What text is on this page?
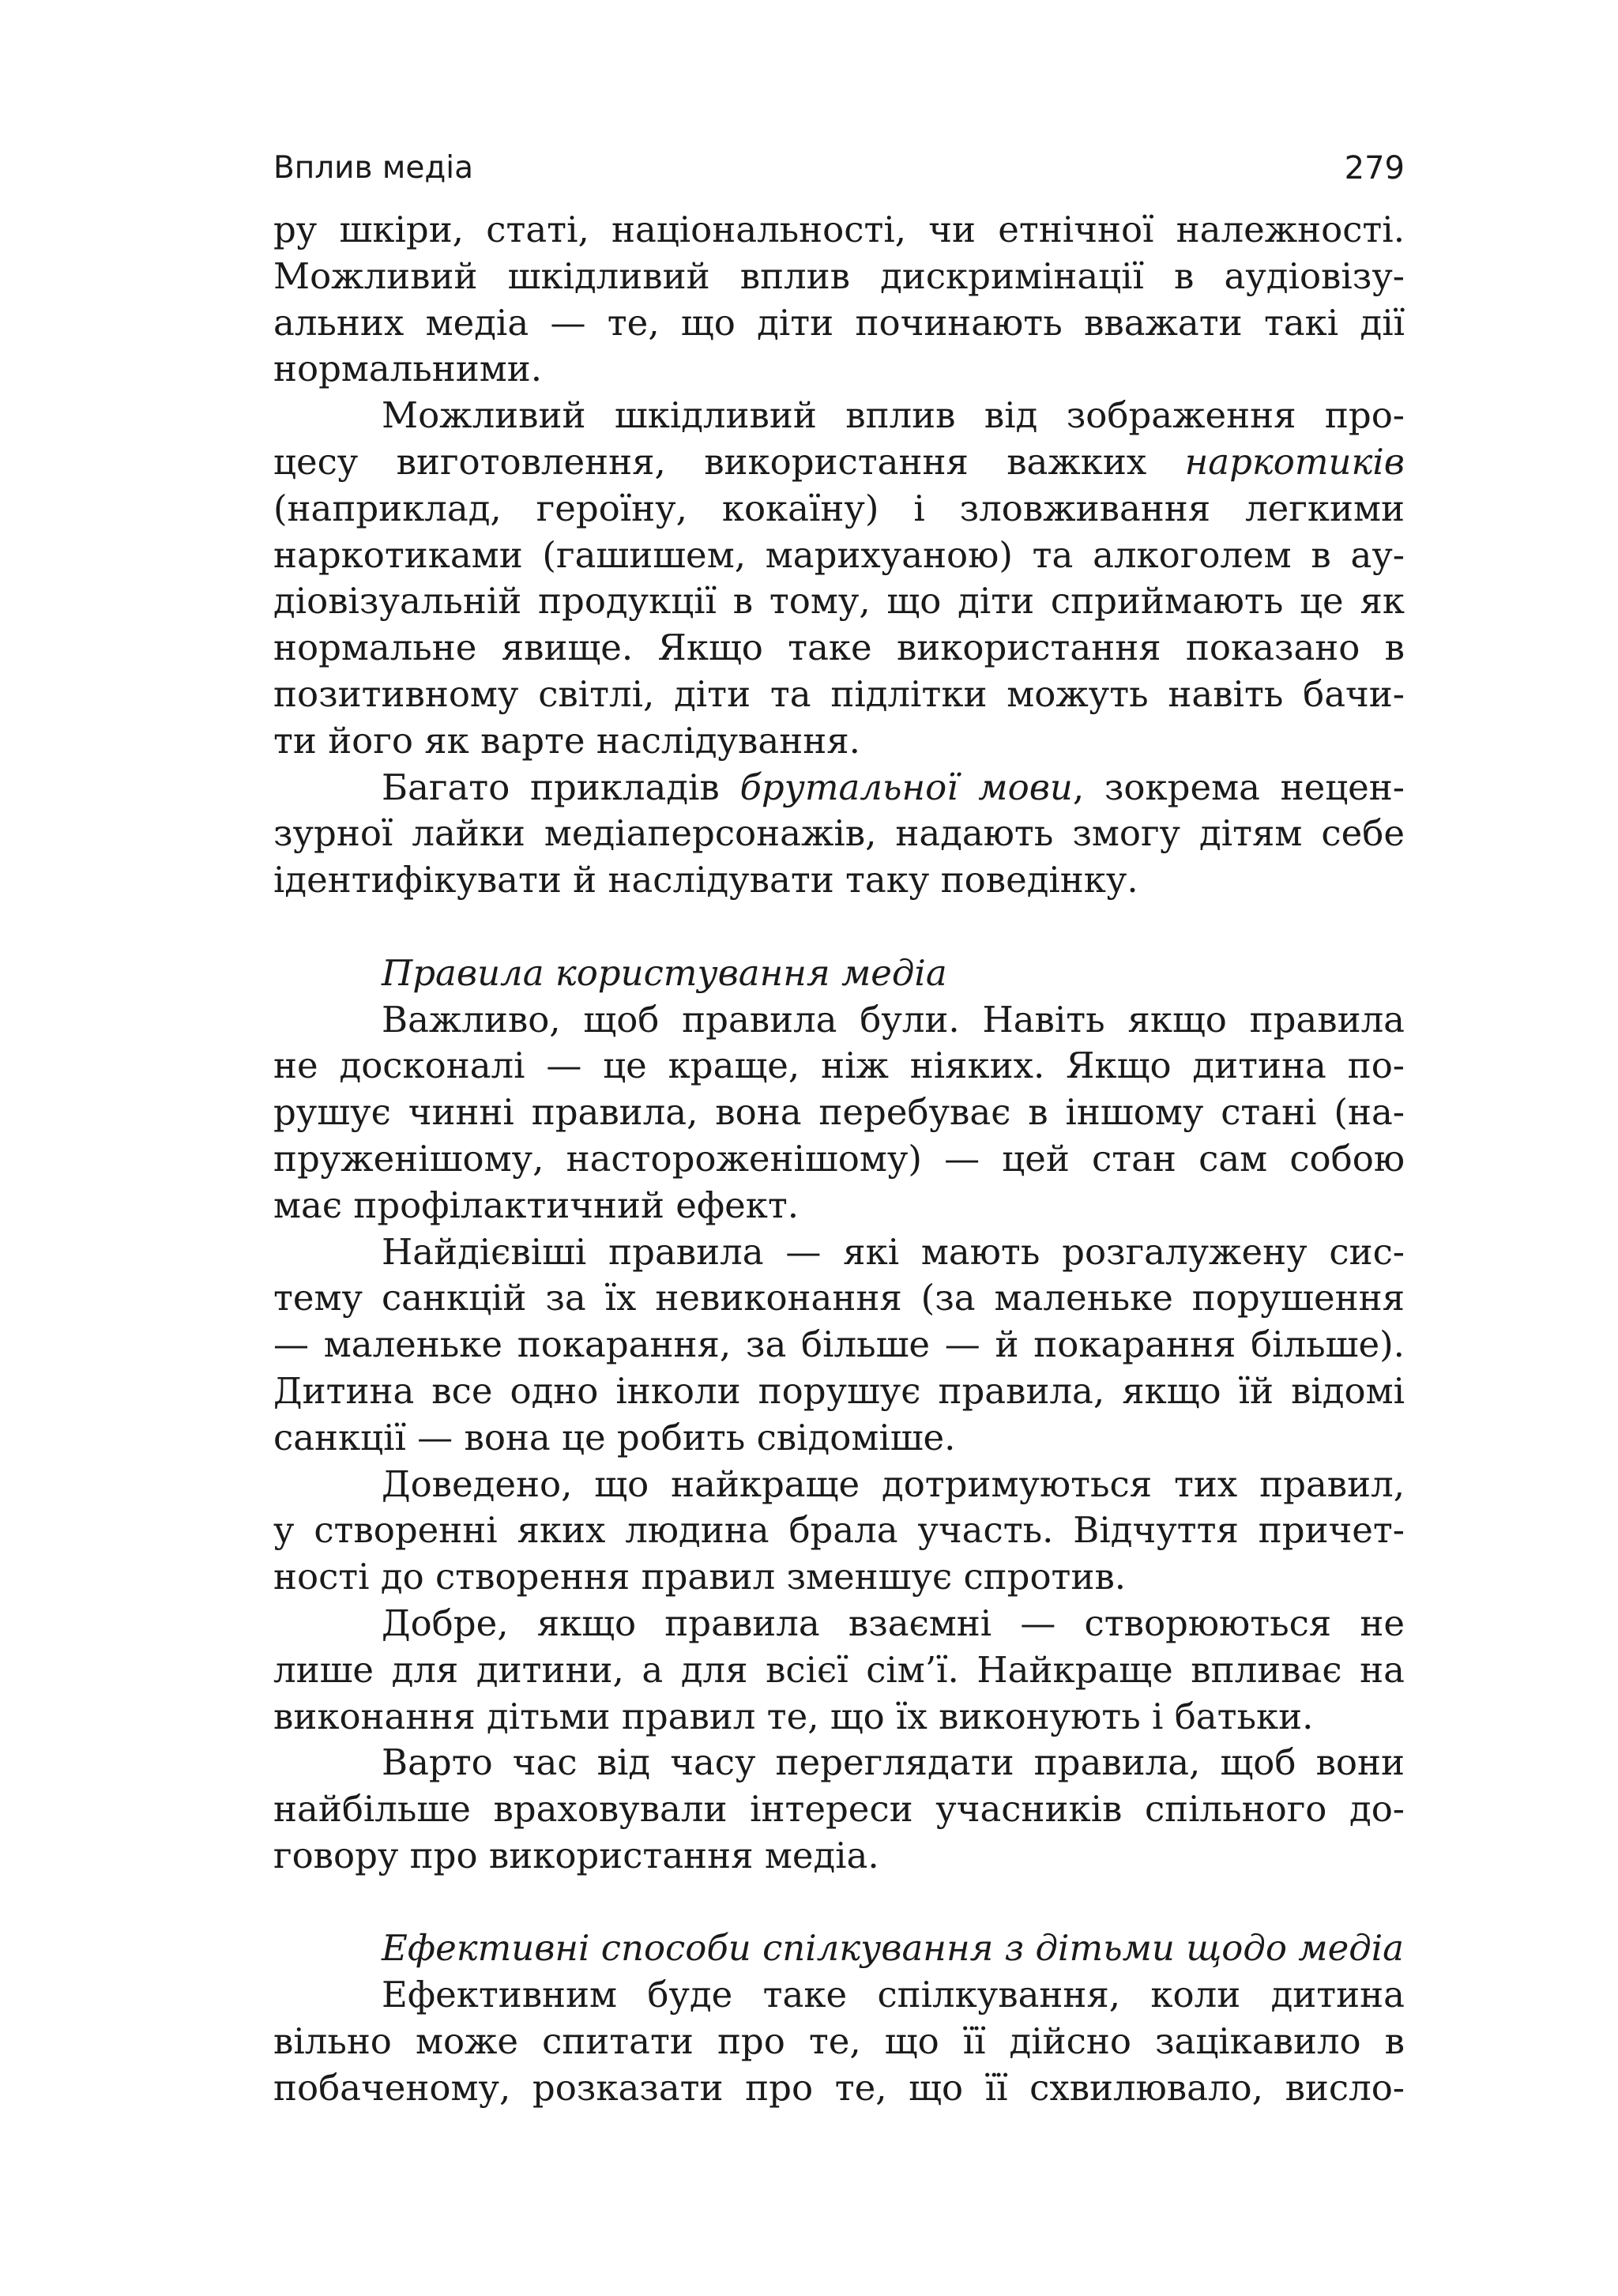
Вплив медіа	279
ру шкіри, статі, національності, чи етнічної належності.
Можливий шкідливий вплив дискримінації в аудіовізу-
альних медіа — те, що діти починають вважати такі дії
нормальними.
Можливий шкідливий вплив від зображення про-
цесу виготовлення, використання важких наркотиків
(наприклад, героїну, кокаїну) і зловживання легкими
наркотиками (гашишем, марихуаною) та алкоголем в ау-
діовізуальній продукції в тому, що діти сприймають це як
нормальне явище. Якщо таке використання показано в
позитивному світлі, діти та підлітки можуть навіть бачи-
ти його як варте наслідування.
Багато прикладів брутальної мови, зокрема нецен-
зурної лайки медіаперсонажів, надають змогу дітям себе
ідентифікувати й наслідувати таку поведінку.
Правила користування медіа
Важливо, щоб правила були. Навіть якщо правила
не досконалі — це краще, ніж ніяких. Якщо дитина по-
рушує чинні правила, вона перебуває в іншому стані (на-
пруженішому, настороженішому) — цей стан сам собою
має профілактичний ефект.
Найдієвіші правила — які мають розгалужену сис-
тему санкцій за їх невиконання (за маленьке порушення
— маленьке покарання, за більше — й покарання більше).
Дитина все одно інколи порушує правила, якщо їй відомі
санкції — вона це робить свідоміше.
Доведено, що найкраще дотримуються тих правил,
у створенні яких людина брала участь. Відчуття причет-
ності до створення правил зменшує спротив.
Добре, якщо правила взаємні — створюються не
лише для дитини, а для всієї сім’ї. Найкраще впливає на
виконання дітьми правил те, що їх виконують і батьки.
Варто час від часу переглядати правила, щоб вони
найбільше враховували інтереси учасників спільного до-
говору про використання медіа.
Ефективні способи спілкування з дітьми щодо медіа
Ефективним буде таке спілкування, коли дитина
вільно може спитати про те, що її дійсно зацікавило в
побаченому, розказати про те, що її схвилювало, висло-
